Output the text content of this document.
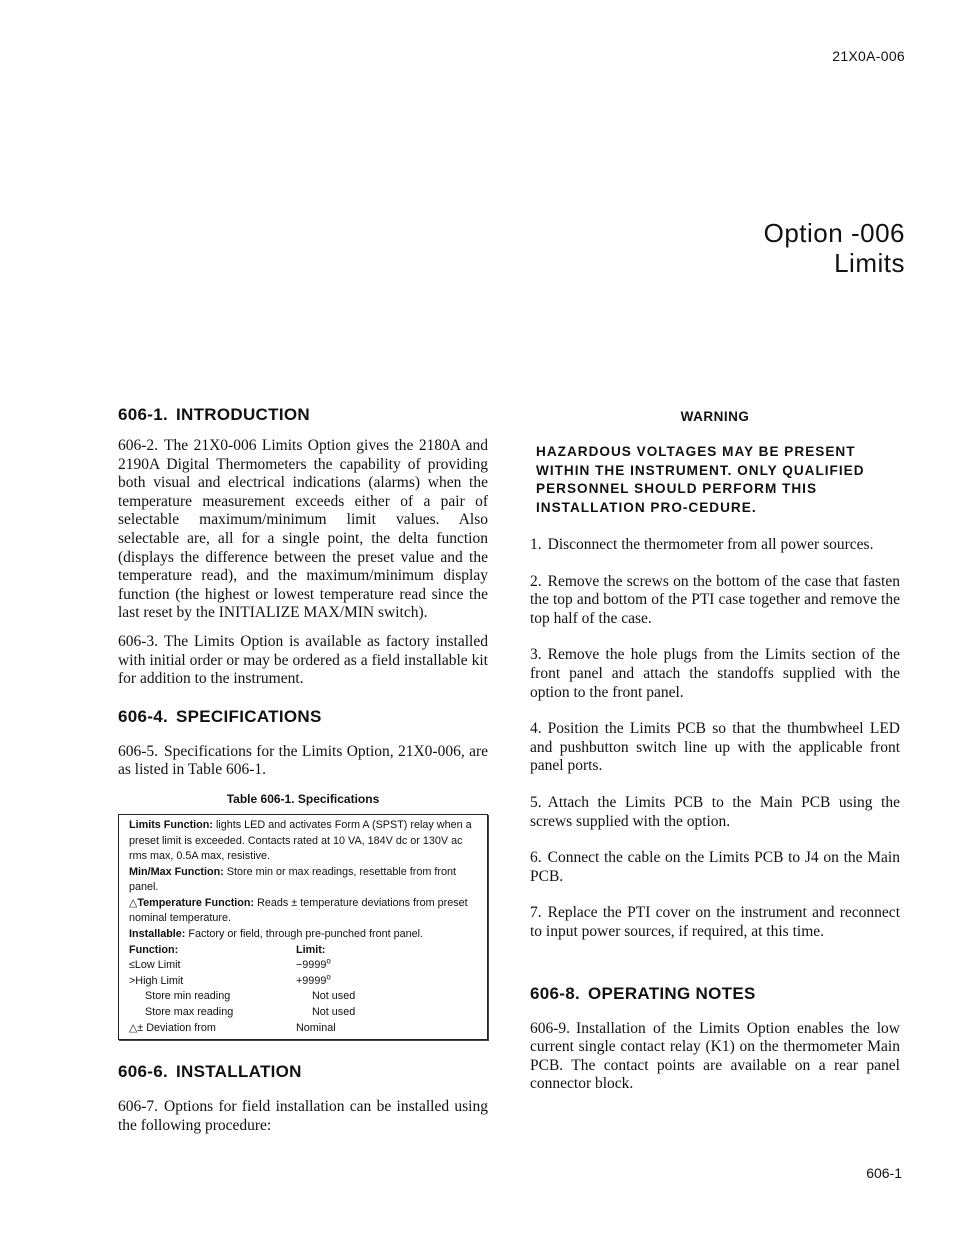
21X0A-006
Option -006
Limits
606-1. INTRODUCTION

606-2. The 21X0-006 Limits Option gives the 2180A and 2190A Digital Thermometers the capability of providing both visual and electrical indications (alarms) when the temperature measurement exceeds either of a pair of selectable maximum/minimum limit values. Also selectable are, all for a single point, the delta function (displays the difference between the preset value and the temperature read), and the maximum/minimum display function (the highest or lowest temperature read since the last reset by the INITIALIZE MAX/MIN switch).

606-3. The Limits Option is available as factory installed with initial order or may be ordered as a field installable kit for addition to the instrument.

606-4. SPECIFICATIONS

606-5. Specifications for the Limits Option, 21X0-006, are as listed in Table 606-1.

Table 606-1. Specifications
Limits Function: lights LED and activates Form A (SPST) relay when a preset limit is exceeded. Contacts rated at 10 VA, 184V dc or 130V ac rms max, 0.5A max, resistive.
Min/Max Function: Store min or max readings, resettable from front panel.
△Temperature Function: Reads ± temperature deviations from preset nominal temperature.
Installable: Factory or field, through pre-punched front panel.
Function:	Limit:
≤Low Limit	$-9999^o$
>High Limit	$+9999^o$
Store min reading	Not used
Store max reading	Not used
△± Deviation from	Nominal
606-6. INSTALLATION

606-7. Options for field installation can be installed using the following procedure:

WARNING
HAZARDOUS VOLTAGES MAY BE PRESENT WITHIN THE INSTRUMENT. ONLY QUALIFIED PERSONNEL SHOULD PERFORM THIS INSTALLATION PRO-CEDURE.

1. Disconnect the thermometer from all power sources.

2. Remove the screws on the bottom of the case that fasten the top and bottom of the PTI case together and remove the top half of the case.

3. Remove the hole plugs from the Limits section of the front panel and attach the standoffs supplied with the option to the front panel.

4. Position the Limits PCB so that the thumbwheel LED and pushbutton switch line up with the applicable front panel ports.

5. Attach the Limits PCB to the Main PCB using the screws supplied with the option.

6. Connect the cable on the Limits PCB to J4 on the Main PCB.

7. Replace the PTI cover on the instrument and reconnect to input power sources, if required, at this time.

606-8. OPERATING NOTES

606-9. Installation of the Limits Option enables the low current single contact relay (K1) on the thermometer Main PCB. The contact points are available on a rear panel connector block.

606-1
